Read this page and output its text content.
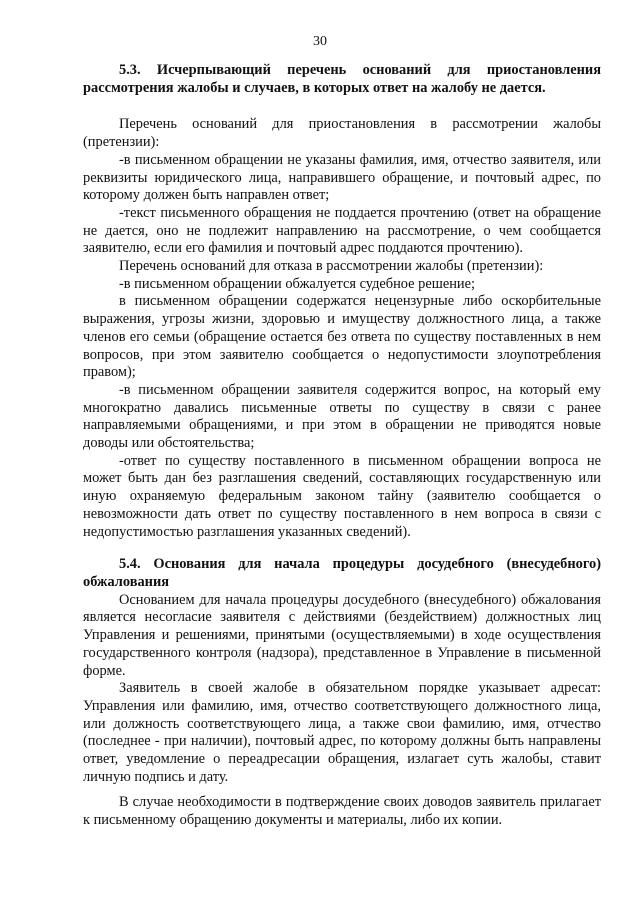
30
5.3. Исчерпывающий перечень оснований для приостановления рассмотрения жалобы и случаев, в которых ответ на жалобу не дается.

Перечень оснований для приостановления в рассмотрении жалобы (претензии):

-в письменном обращении не указаны фамилия, имя, отчество заявителя, или реквизиты юридического лица, направившего обращение, и почтовый адрес, по которому должен быть направлен ответ;

-текст письменного обращения не поддается прочтению (ответ на обращение не дается, оно не подлежит направлению на рассмотрение, о чем сообщается заявителю, если его фамилия и почтовый адрес поддаются прочтению).

Перечень оснований для отказа в рассмотрении жалобы (претензии):

-в письменном обращении обжалуется судебное решение;

в письменном обращении содержатся нецензурные либо оскорбительные выражения, угрозы жизни, здоровью и имуществу должностного лица, а также членов его семьи (обращение остается без ответа по существу поставленных в нем вопросов, при этом заявителю сообщается о недопустимости злоупотребления правом);

-в письменном обращении заявителя содержится вопрос, на который ему многократно давались письменные ответы по существу в связи с ранее направляемыми обращениями, и при этом в обращении не приводятся новые доводы или обстоятельства;

-ответ по существу поставленного в письменном обращении вопроса не может быть дан без разглашения сведений, составляющих государственную или иную охраняемую федеральным законом тайну (заявителю сообщается о невозможности дать ответ по существу поставленного в нем вопроса в связи с недопустимостью разглашения указанных сведений).

5.4. Основания для начала процедуры досудебного (внесудебного) обжалования

Основанием для начала процедуры досудебного (внесудебного) обжалования является несогласие заявителя с действиями (бездействием) должностных лиц Управления и решениями, принятыми (осуществляемыми) в ходе осуществления государственного контроля (надзора), представленное в Управление в письменной форме.

Заявитель в своей жалобе в обязательном порядке указывает адресат: Управления или фамилию, имя, отчество соответствующего должностного лица, или должность соответствующего лица, а также свои фамилию, имя, отчество (последнее - при наличии), почтовый адрес, по которому должны быть направлены ответ, уведомление о переадресации обращения, излагает суть жалобы, ставит личную подпись и дату.

В случае необходимости в подтверждение своих доводов заявитель прилагает к письменному обращению документы и материалы, либо их копии.
